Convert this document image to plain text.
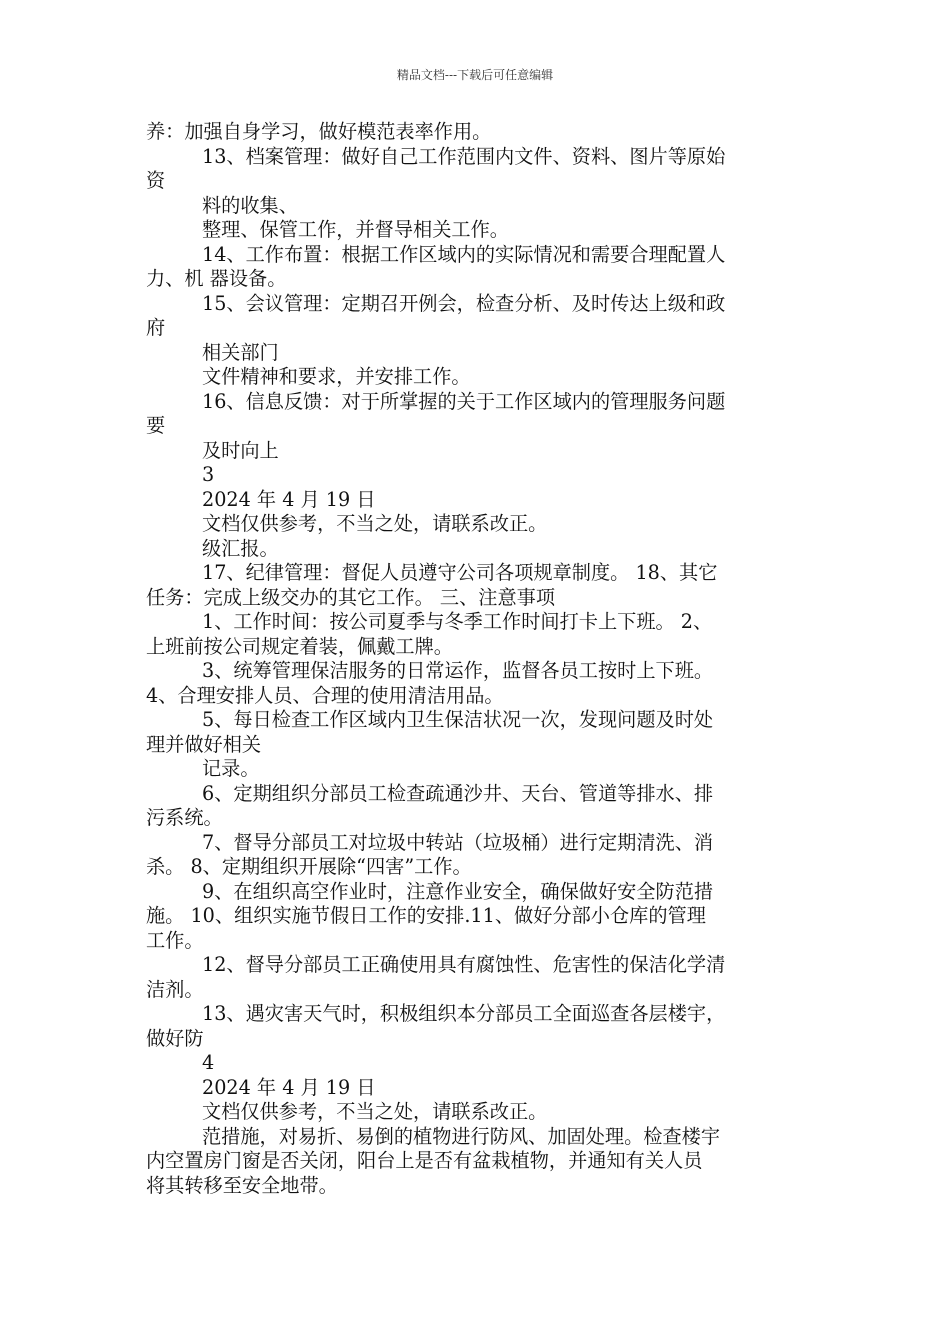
精品文档---下载后可任意编辑
养：加强自身学习，做好模范表率作用。
13、档案管理：做好自己工作范围内文件、资料、图片等原始
资
料的收集、
整理、保管工作，并督导相关工作。
14、工作布置：根据工作区域内的实际情况和需要合理配置人
力、机 器设备。
15、会议管理：定期召开例会，检查分析、及时传达上级和政
府
相关部门
文件精神和要求，并安排工作。
16、信息反馈：对于所掌握的关于工作区域内的管理服务问题
要
及时向上
3
2024 年 4 月 19 日
文档仅供参考，不当之处，请联系改正。
级汇报。
17、纪律管理：督促人员遵守公司各项规章制度。 18、其它
任务：完成上级交办的其它工作。 三、注意事项
1、工作时间：按公司夏季与冬季工作时间打卡上下班。 2、
上班前按公司规定着装，佩戴工牌。
3、统筹管理保洁服务的日常运作，监督各员工按时上下班。
4、合理安排人员、合理的使用清洁用品。
5、每日检查工作区域内卫生保洁状况一次，发现问题及时处
理并做好相关
记录。
6、定期组织分部员工检查疏通沙井、天台、管道等排水、排
污系统。
7、督导分部员工对垃圾中转站（垃圾桶）进行定期清洗、消
杀。 8、定期组织开展除“四害”工作。
9、在组织高空作业时，注意作业安全，确保做好安全防范措
施。 10、组织实施节假日工作的安排.11、做好分部小仓库的管理
工作。
12、督导分部员工正确使用具有腐蚀性、危害性的保洁化学清
洁剂。
13、遇灾害天气时，积极组织本分部员工全面巡查各层楼宇，
做好防
4
2024 年 4 月 19 日
文档仅供参考，不当之处，请联系改正。
范措施，对易折、易倒的植物进行防风、加固处理。检查楼宇
内空置房门窗是否关闭，阳台上是否有盆栽植物，并通知有关人员
将其转移至安全地带。
